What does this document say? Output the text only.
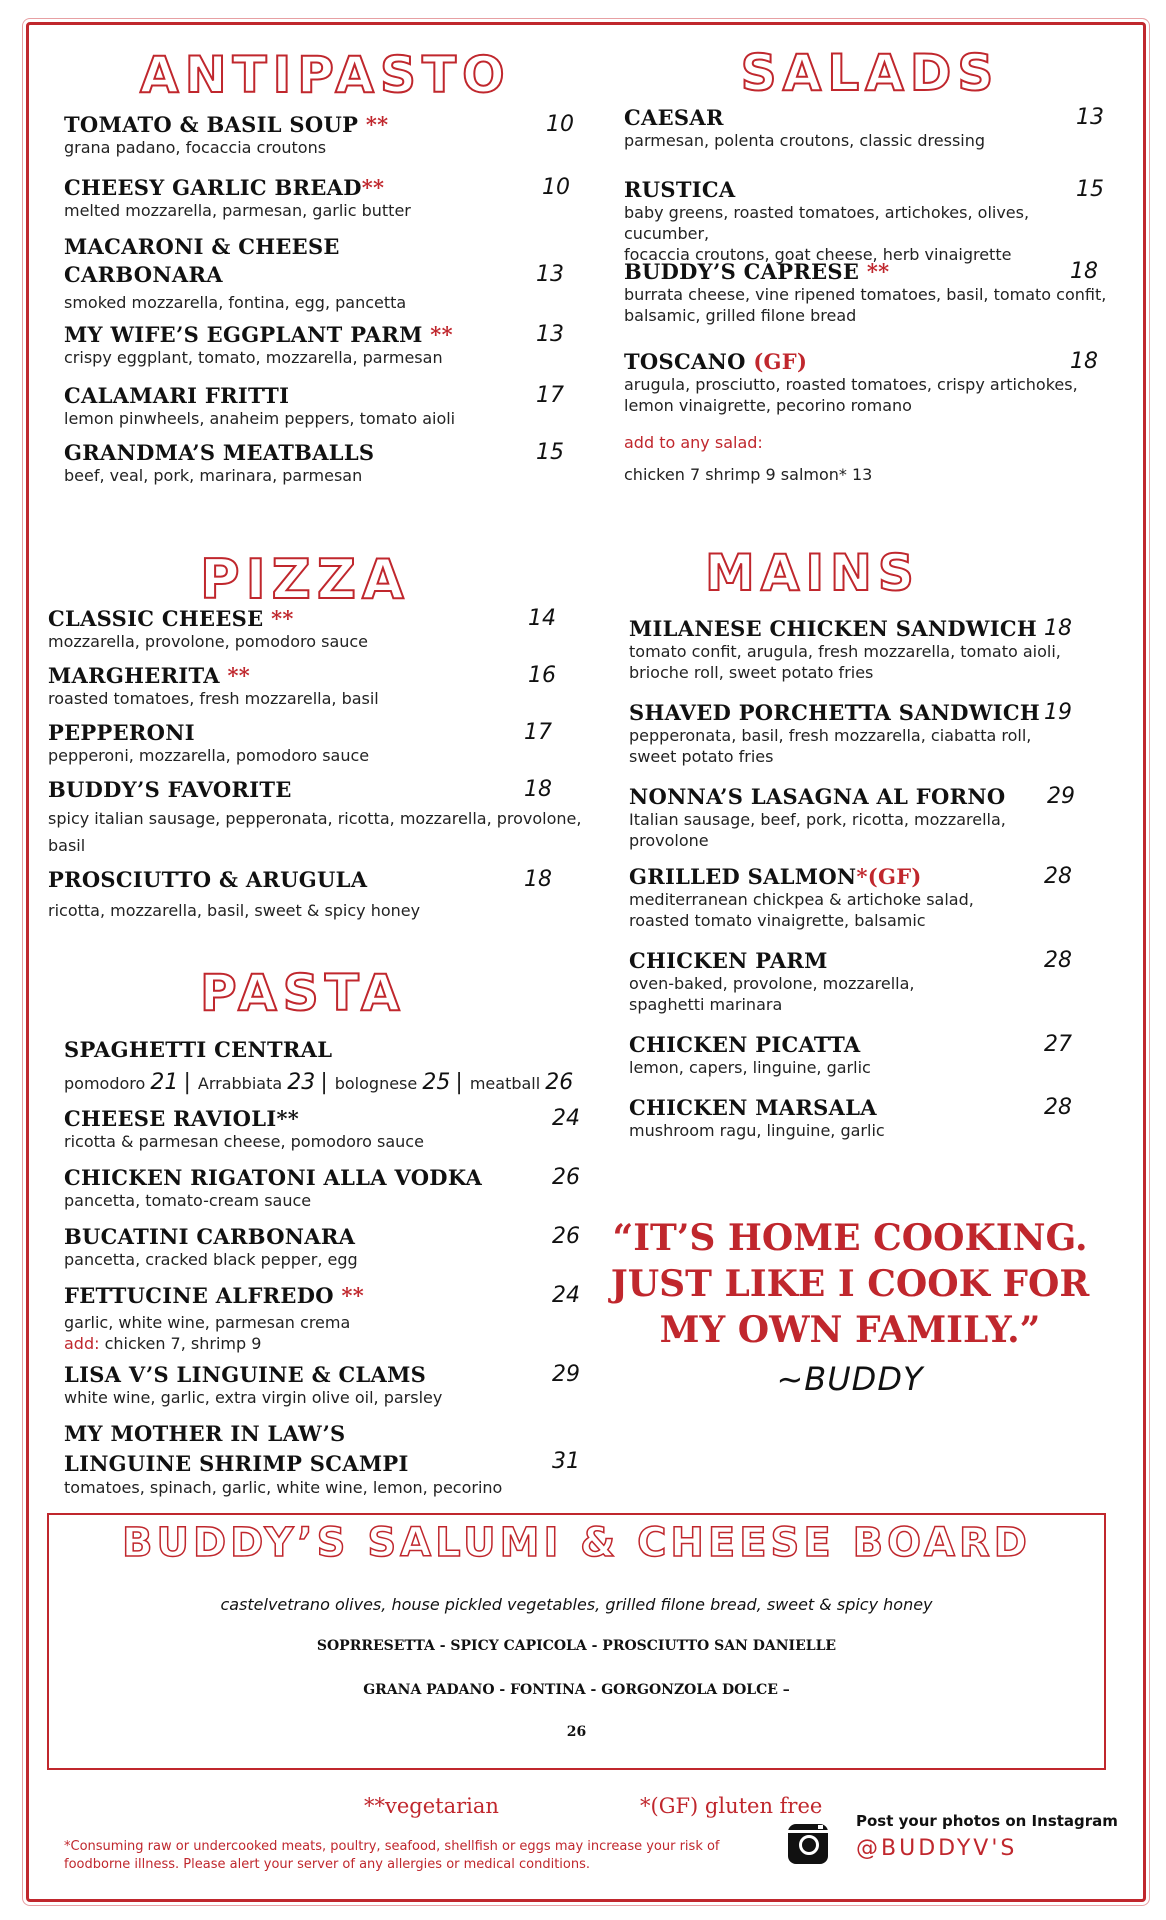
ANTIPASTO
TOMATO & BASIL SOUP **
grana padano, focaccia croutons
10
CHEESY GARLIC BREAD**
melted mozzarella, parmesan, garlic butter
10
MACARONI & CHEESE
CARBONARA
smoked mozzarella, fontina, egg, pancetta
13
MY WIFE’S EGGPLANT PARM **
crispy eggplant, tomato, mozzarella, parmesan
13
CALAMARI FRITTI
lemon pinwheels, anaheim peppers, tomato aioli
17
GRANDMA’S MEATBALLS
beef, veal, pork, marinara, parmesan
15
SALADS
CAESAR
parmesan, polenta croutons, classic dressing
13
RUSTICA
baby greens, roasted tomatoes, artichokes, olives, cucumber,
focaccia croutons, goat cheese, herb vinaigrette
15
BUDDY’S CAPRESE **
burrata cheese, vine ripened tomatoes, basil, tomato confit,
balsamic, grilled filone bread
18
TOSCANO (GF)
arugula, prosciutto, roasted tomatoes, crispy artichokes,
lemon vinaigrette, pecorino romano
18
add to any salad:
chicken 7 shrimp 9 salmon* 13
PIZZA
CLASSIC CHEESE **
mozzarella, provolone, pomodoro sauce
14
MARGHERITA **
roasted tomatoes, fresh mozzarella, basil
16
PEPPERONI
pepperoni, mozzarella, pomodoro sauce
17
BUDDY’S FAVORITE
spicy italian sausage, pepperonata, ricotta, mozzarella, provolone,
basil
18
PROSCIUTTO & ARUGULA
ricotta, mozzarella, basil, sweet & spicy honey
18
PASTA
SPAGHETTI CENTRAL
pomodoro 21 | Arrabbiata 23 | bolognese 25 | meatball 26
CHEESE RAVIOLI**
ricotta & parmesan cheese, pomodoro sauce
24
CHICKEN RIGATONI ALLA VODKA
pancetta, tomato-cream sauce
26
BUCATINI CARBONARA
pancetta, cracked black pepper, egg
26
FETTUCINE ALFREDO **
garlic, white wine, parmesan crema
add: chicken 7, shrimp 9
24
LISA V’S LINGUINE & CLAMS
white wine, garlic, extra virgin olive oil, parsley
29
MY MOTHER IN LAW’S
LINGUINE SHRIMP SCAMPI
tomatoes, spinach, garlic, white wine, lemon, pecorino
31
MAINS
MILANESE CHICKEN SANDWICH
tomato confit, arugula, fresh mozzarella, tomato aioli,
brioche roll, sweet potato fries
18
SHAVED PORCHETTA SANDWICH
pepperonata, basil, fresh mozzarella, ciabatta roll,
sweet potato fries
19
NONNA’S LASAGNA AL FORNO
Italian sausage, beef, pork, ricotta, mozzarella,
provolone
29
GRILLED SALMON*(GF)
mediterranean chickpea & artichoke salad,
roasted tomato vinaigrette, balsamic
28
CHICKEN PARM
oven-baked, provolone, mozzarella,
spaghetti marinara
28
CHICKEN PICATTA
lemon, capers, linguine, garlic
27
CHICKEN MARSALA
mushroom ragu, linguine, garlic
28
“IT’S HOME COOKING.
JUST LIKE I COOK FOR
MY OWN FAMILY.”
~BUDDY
BUDDY’S SALUMI & CHEESE BOARD
castelvetrano olives, house pickled vegetables, grilled filone bread, sweet & spicy honey
SOPRRESETTA - SPICY CAPICOLA - PROSCIUTTO SAN DANIELLE
GRANA PADANO - FONTINA - GORGONZOLA DOLCE –
26
**vegetarian	*(GF) gluten free
*Consuming raw or undercooked meats, poultry, seafood, shellfish or eggs may increase your risk of
foodborne illness. Please alert your server of any allergies or medical conditions.
Post your photos on Instagram
@BUDDYV'S
